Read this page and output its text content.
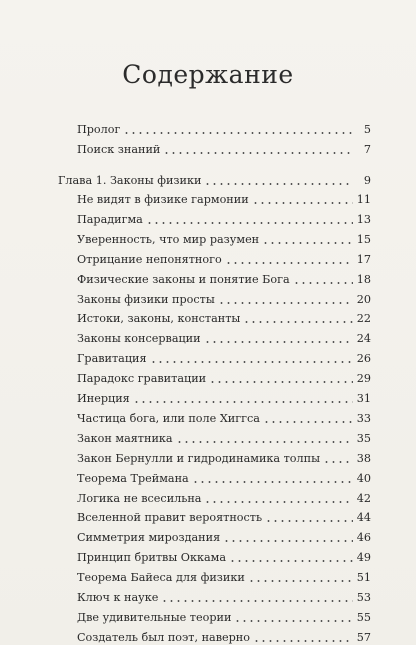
Содержание
Пролог	5
Поиск знаний	7
Глава 1. Законы физики	9
Не видят в физике гармонии	11
Парадигма	13
Уверенность, что мир разумен	15
Отрицание непонятного	17
Физические законы и понятие Бога	18
Законы физики просты	20
Истоки, законы, константы	22
Законы консервации	24
Гравитация	26
Парадокс гравитации	29
Инерция	31
Частица бога, или поле Хиггса	33
Закон маятника	35
Закон Бернулли и гидродинамика толпы	38
Теорема Треймана	40
Логика не всесильна	42
Вселенной правит вероятность	44
Симметрия мироздания	46
Принцип бритвы Оккама	49
Теорема Байеса для физики	51
Ключ к науке	53
Две удивительные теории	55
Создатель был поэт, наверно	57
